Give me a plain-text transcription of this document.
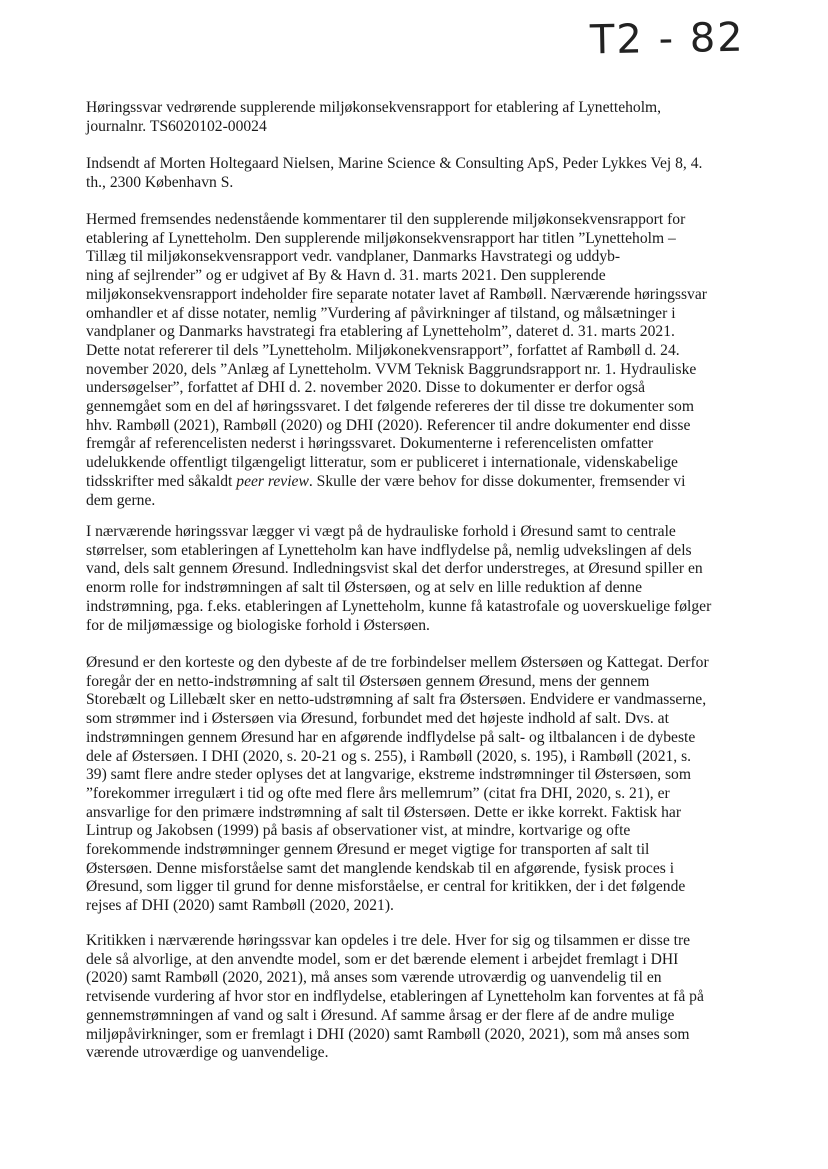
T2 - 82
Høringssvar vedrørende supplerende miljøkonsekvensrapport for etablering af Lynetteholm,
journalnr. TS6020102-00024
Indsendt af Morten Holtegaard Nielsen, Marine Science & Consulting ApS, Peder Lykkes Vej 8, 4.
th., 2300 København S.
Hermed fremsendes nedenstående kommentarer til den supplerende miljøkonsekvensrapport for
etablering af Lynetteholm. Den supplerende miljøkonsekvensrapport har titlen ”Lynetteholm –
Tillæg til miljøkonsekvensrapport vedr. vandplaner, Danmarks Havstrategi og uddyb-
ning af sejlrender” og er udgivet af By & Havn d. 31. marts 2021. Den supplerende
miljøkonsekvensrapport indeholder fire separate notater lavet af Rambøll. Nærværende høringssvar
omhandler et af disse notater, nemlig ”Vurdering af påvirkninger af tilstand, og målsætninger i
vandplaner og Danmarks havstrategi fra etablering af Lynetteholm”, dateret d. 31. marts 2021.
Dette notat refererer til dels ”Lynetteholm. Miljøkonekvensrapport”, forfattet af Rambøll d. 24.
november 2020, dels ”Anlæg af Lynetteholm. VVM Teknisk Baggrundsrapport nr. 1. Hydrauliske
undersøgelser”, forfattet af DHI d. 2. november 2020. Disse to dokumenter er derfor også
gennemgået som en del af høringssvaret. I det følgende refereres der til disse tre dokumenter som
hhv. Rambøll (2021), Rambøll (2020) og DHI (2020). Referencer til andre dokumenter end disse
fremgår af referencelisten nederst i høringssvaret. Dokumenterne i referencelisten omfatter
udelukkende offentligt tilgængeligt litteratur, som er publiceret i internationale, videnskabelige
tidsskrifter med såkaldt peer review. Skulle der være behov for disse dokumenter, fremsender vi
dem gerne.
I nærværende høringssvar lægger vi vægt på de hydrauliske forhold i Øresund samt to centrale
størrelser, som etableringen af Lynetteholm kan have indflydelse på, nemlig udvekslingen af dels
vand, dels salt gennem Øresund. Indledningsvist skal det derfor understreges, at Øresund spiller en
enorm rolle for indstrømningen af salt til Østersøen, og at selv en lille reduktion af denne
indstrømning, pga. f.eks. etableringen af Lynetteholm, kunne få katastrofale og uoverskuelige følger
for de miljømæssige og biologiske forhold i Østersøen.
Øresund er den korteste og den dybeste af de tre forbindelser mellem Østersøen og Kattegat. Derfor
foregår der en netto-indstrømning af salt til Østersøen gennem Øresund, mens der gennem
Storebælt og Lillebælt sker en netto-udstrømning af salt fra Østersøen. Endvidere er vandmasserne,
som strømmer ind i Østersøen via Øresund, forbundet med det højeste indhold af salt. Dvs. at
indstrømningen gennem Øresund har en afgørende indflydelse på salt- og iltbalancen i de dybeste
dele af Østersøen. I DHI (2020, s. 20-21 og s. 255), i Rambøll (2020, s. 195), i Rambøll (2021, s.
39) samt flere andre steder oplyses det at langvarige, ekstreme indstrømninger til Østersøen, som
”forekommer irregulært i tid og ofte med flere års mellemrum” (citat fra DHI, 2020, s. 21), er
ansvarlige for den primære indstrømning af salt til Østersøen. Dette er ikke korrekt. Faktisk har
Lintrup og Jakobsen (1999) på basis af observationer vist, at mindre, kortvarige og ofte
forekommende indstrømninger gennem Øresund er meget vigtige for transporten af salt til
Østersøen. Denne misforståelse samt det manglende kendskab til en afgørende, fysisk proces i
Øresund, som ligger til grund for denne misforståelse, er central for kritikken, der i det følgende
rejses af DHI (2020) samt Rambøll (2020, 2021).
Kritikken i nærværende høringssvar kan opdeles i tre dele. Hver for sig og tilsammen er disse tre
dele så alvorlige, at den anvendte model, som er det bærende element i arbejdet fremlagt i DHI
(2020) samt Rambøll (2020, 2021), må anses som værende utroværdig og uanvendelig til en
retvisende vurdering af hvor stor en indflydelse, etableringen af Lynetteholm kan forventes at få på
gennemstrømningen af vand og salt i Øresund. Af samme årsag er der flere af de andre mulige
miljøpåvirkninger, som er fremlagt i DHI (2020) samt Rambøll (2020, 2021), som må anses som
værende utroværdige og uanvendelige.
